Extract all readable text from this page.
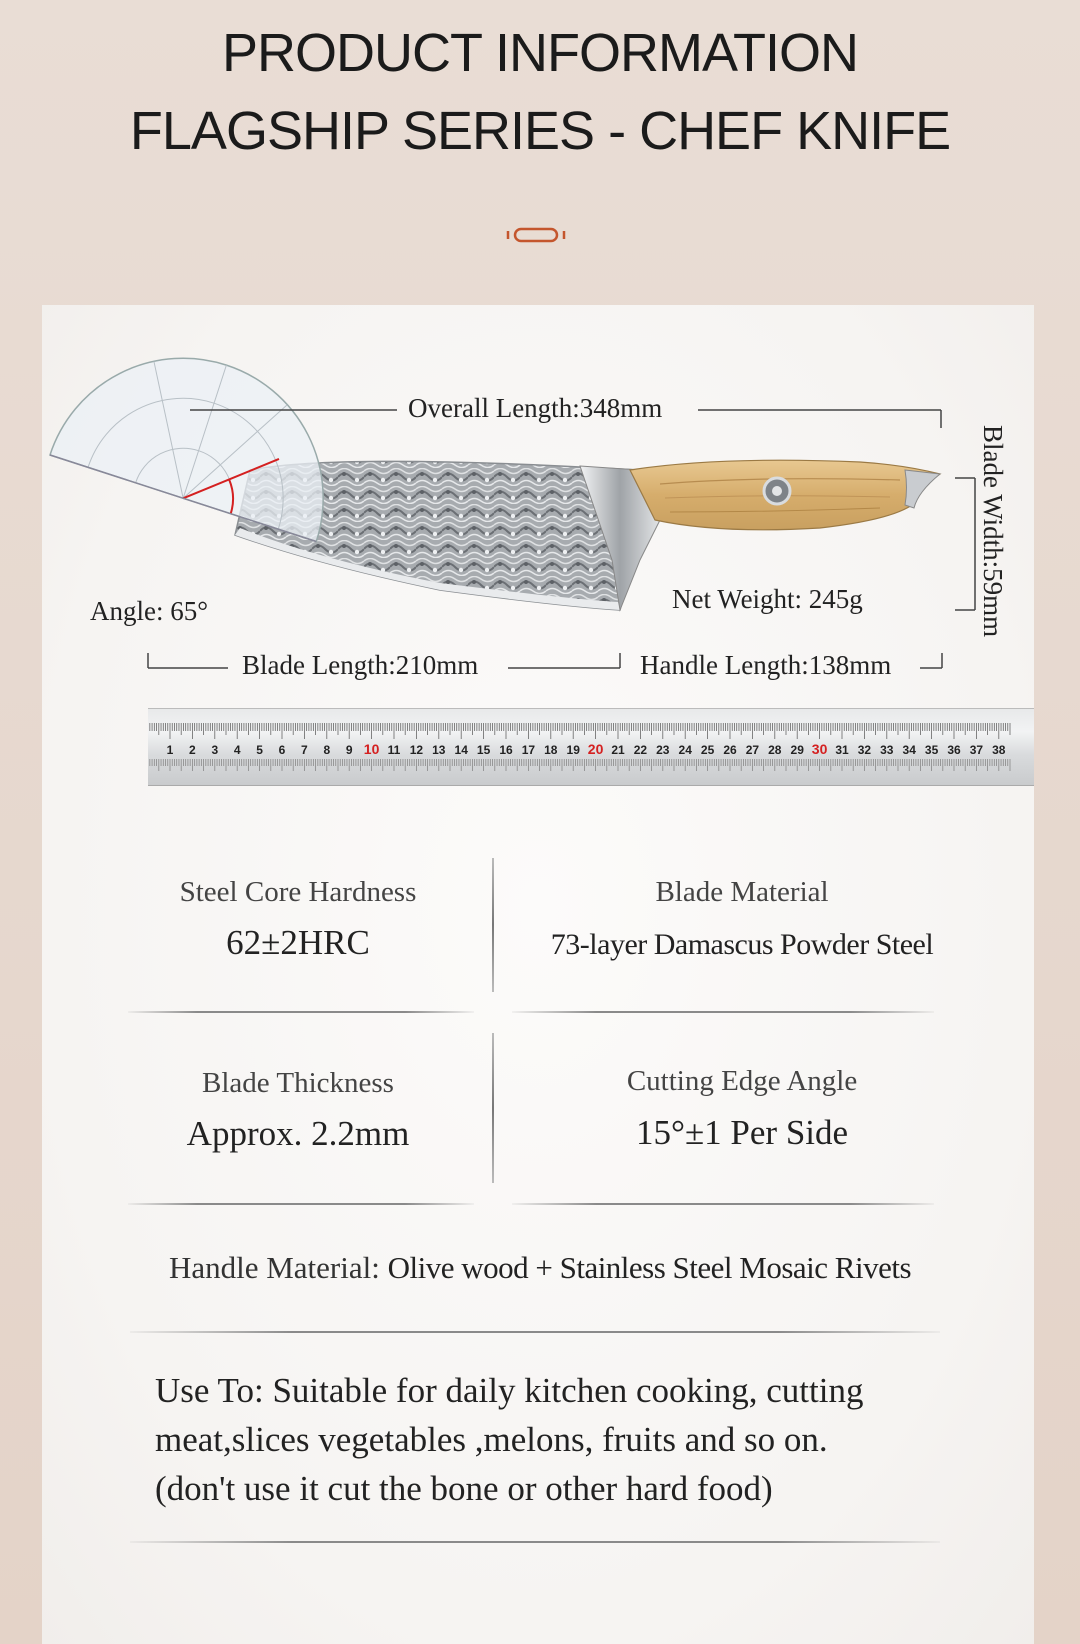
PRODUCT INFORMATION
FLAGSHIP SERIES - CHEF KNIFE
Overall Length:348mm
Blade Width:59mm
Angle: 65°	Net Weight: 245g
Blade Length:210mm	Handle Length:138mm
1 2 3 4 5 6 7 8 9 10 11 12 13 14 15 16 17 18 19 20 21 22 23 24 25 26 27 28 29 30 31 32 33 34 35 36 37 38
Steel Core Hardness
62±2HRC
Blade Material
73-layer Damascus Powder Steel
Blade Thickness
Approx. 2.2mm
Cutting Edge Angle
15°±1 Per Side
Handle Material: Olive wood + Stainless Steel Mosaic Rivets
Use To: Suitable for daily kitchen cooking, cutting
meat,slices vegetables ,melons, fruits and so on.
(don't use it cut the bone or other hard food)
